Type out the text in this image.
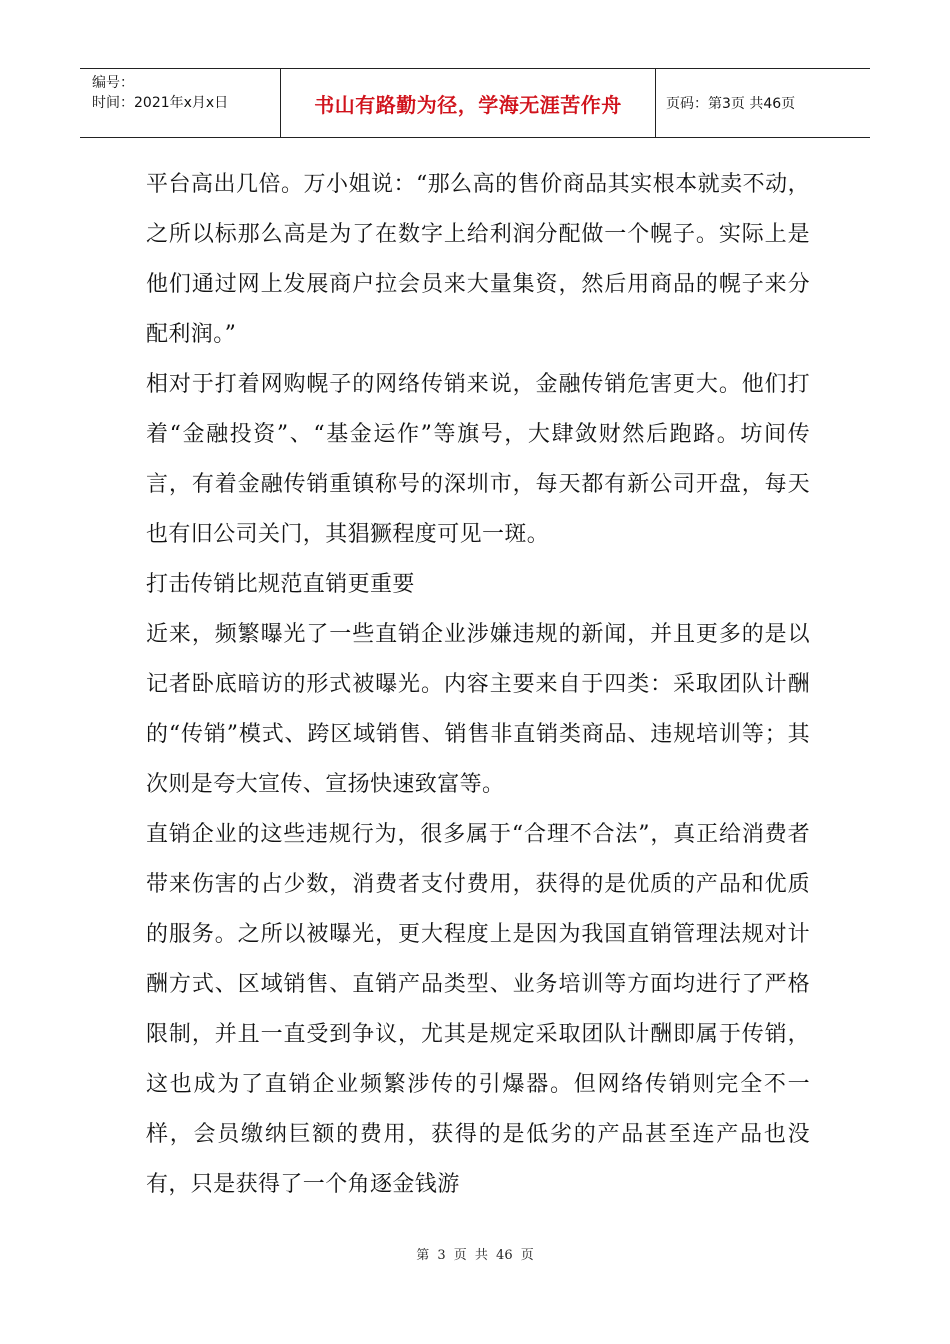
编号：
时间：2021年x月x日	书山有路勤为径，学海无涯苦作舟	页码：第3页 共46页

平台高出几倍。万小姐说：“那么高的售价商品其实根本就卖不动，之所以标那么高是为了在数字上给利润分配做一个幌子。实际上是他们通过网上发展商户拉会员来大量集资，然后用商品的幌子来分配利润。”

相对于打着网购幌子的网络传销来说，金融传销危害更大。他们打着“金融投资”、“基金运作”等旗号，大肆敛财然后跑路。坊间传言，有着金融传销重镇称号的深圳市，每天都有新公司开盘，每天也有旧公司关门，其猖獗程度可见一斑。

打击传销比规范直销更重要

近来，频繁曝光了一些直销企业涉嫌违规的新闻，并且更多的是以记者卧底暗访的形式被曝光。内容主要来自于四类：采取团队计酬的“传销”模式、跨区域销售、销售非直销类商品、违规培训等；其次则是夸大宣传、宣扬快速致富等。

直销企业的这些违规行为，很多属于“合理不合法”，真正给消费者带来伤害的占少数，消费者支付费用，获得的是优质的产品和优质的服务。之所以被曝光，更大程度上是因为我国直销管理法规对计酬方式、区域销售、直销产品类型、业务培训等方面均进行了严格限制，并且一直受到争议，尤其是规定采取团队计酬即属于传销，这也成为了直销企业频繁涉传的引爆器。但网络传销则完全不一样，会员缴纳巨额的费用，获得的是低劣的产品甚至连产品也没有，只是获得了一个角逐金钱游

第 3 页 共 46 页
